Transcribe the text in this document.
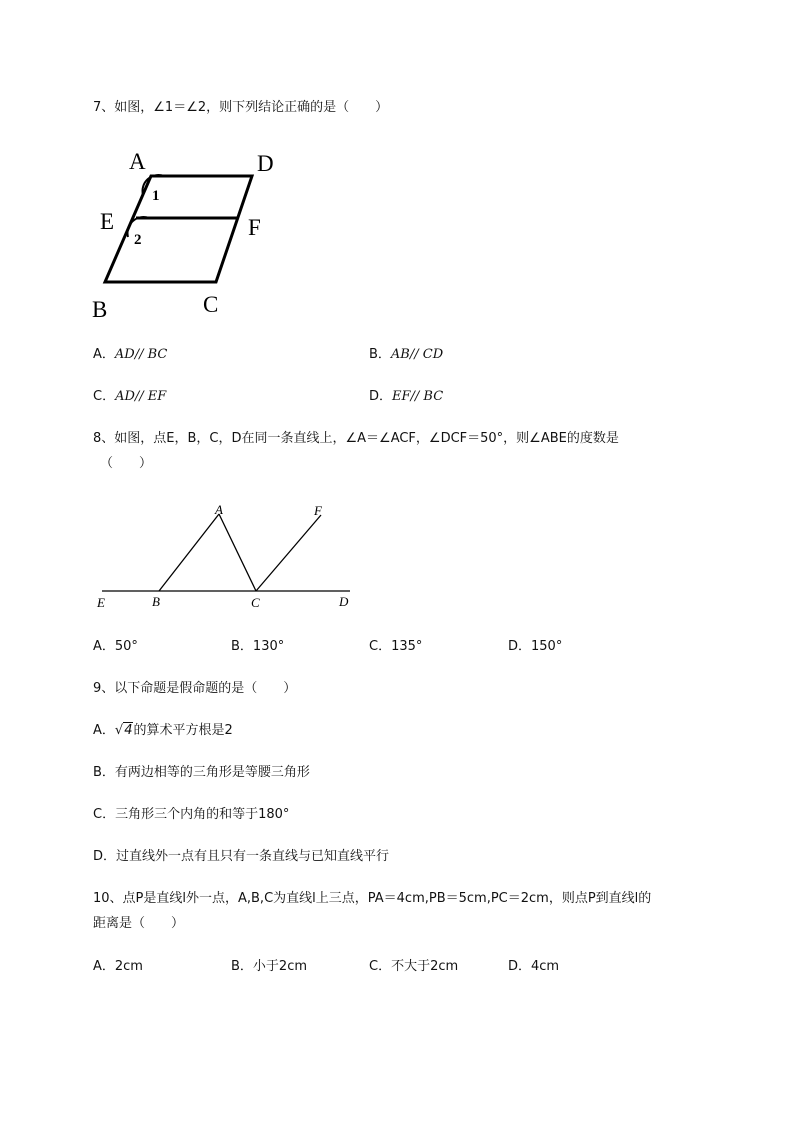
7、如图，∠1＝∠2，则下列结论正确的是（　　）
A	D
E	F
B	C
1
2
A．AD// BC	B．AB// CD
C．AD// EF	D．EF// BC
8、如图，点E，B，C，D在同一条直线上，∠A＝∠ACF，∠DCF＝50°，则∠ABE的度数是
（　　）
A	F
E	B	C	D
A．50°	B．130°	C．135°	D．150°
9、以下命题是假命题的是（　　）
A．√4的算术平方根是2
B．有两边相等的三角形是等腰三角形
C．三角形三个内角的和等于180°
D．过直线外一点有且只有一条直线与已知直线平行
10、点P是直线l外一点，A,B,C为直线l上三点，PA＝4cm,PB＝5cm,PC＝2cm，则点P到直线l的
距离是（　　）
A．2cm	B．小于2cm	C．不大于2cm	D．4cm
